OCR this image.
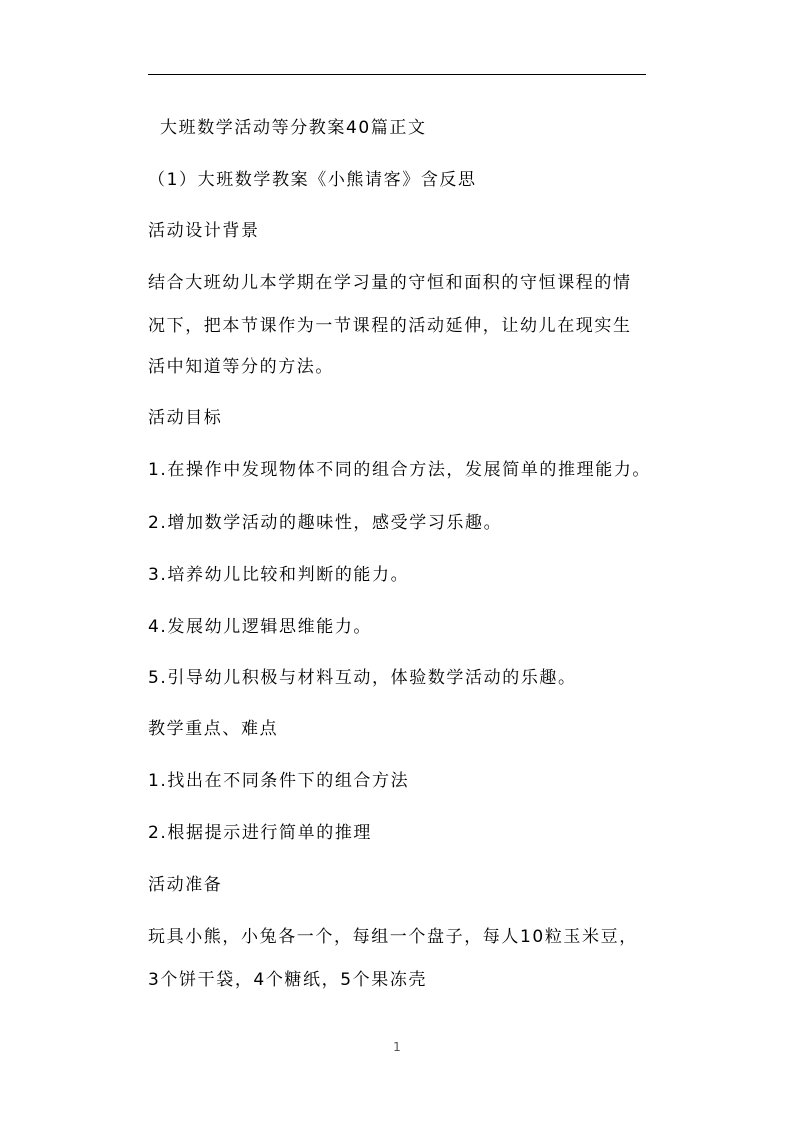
大班数学活动等分教案40篇正文
（1）大班数学教案《小熊请客》含反思
活动设计背景
结合大班幼儿本学期在学习量的守恒和面积的守恒课程的情
况下，把本节课作为一节课程的活动延伸，让幼儿在现实生
活中知道等分的方法。
活动目标
1.在操作中发现物体不同的组合方法，发展简单的推理能力。
2.增加数学活动的趣味性，感受学习乐趣。
3.培养幼儿比较和判断的能力。
4.发展幼儿逻辑思维能力。
5.引导幼儿积极与材料互动，体验数学活动的乐趣。
教学重点、难点
1.找出在不同条件下的组合方法
2.根据提示进行简单的推理
活动准备
玩具小熊，小兔各一个，每组一个盘子，每人10粒玉米豆，
3个饼干袋，4个糖纸，5个果冻壳
1
